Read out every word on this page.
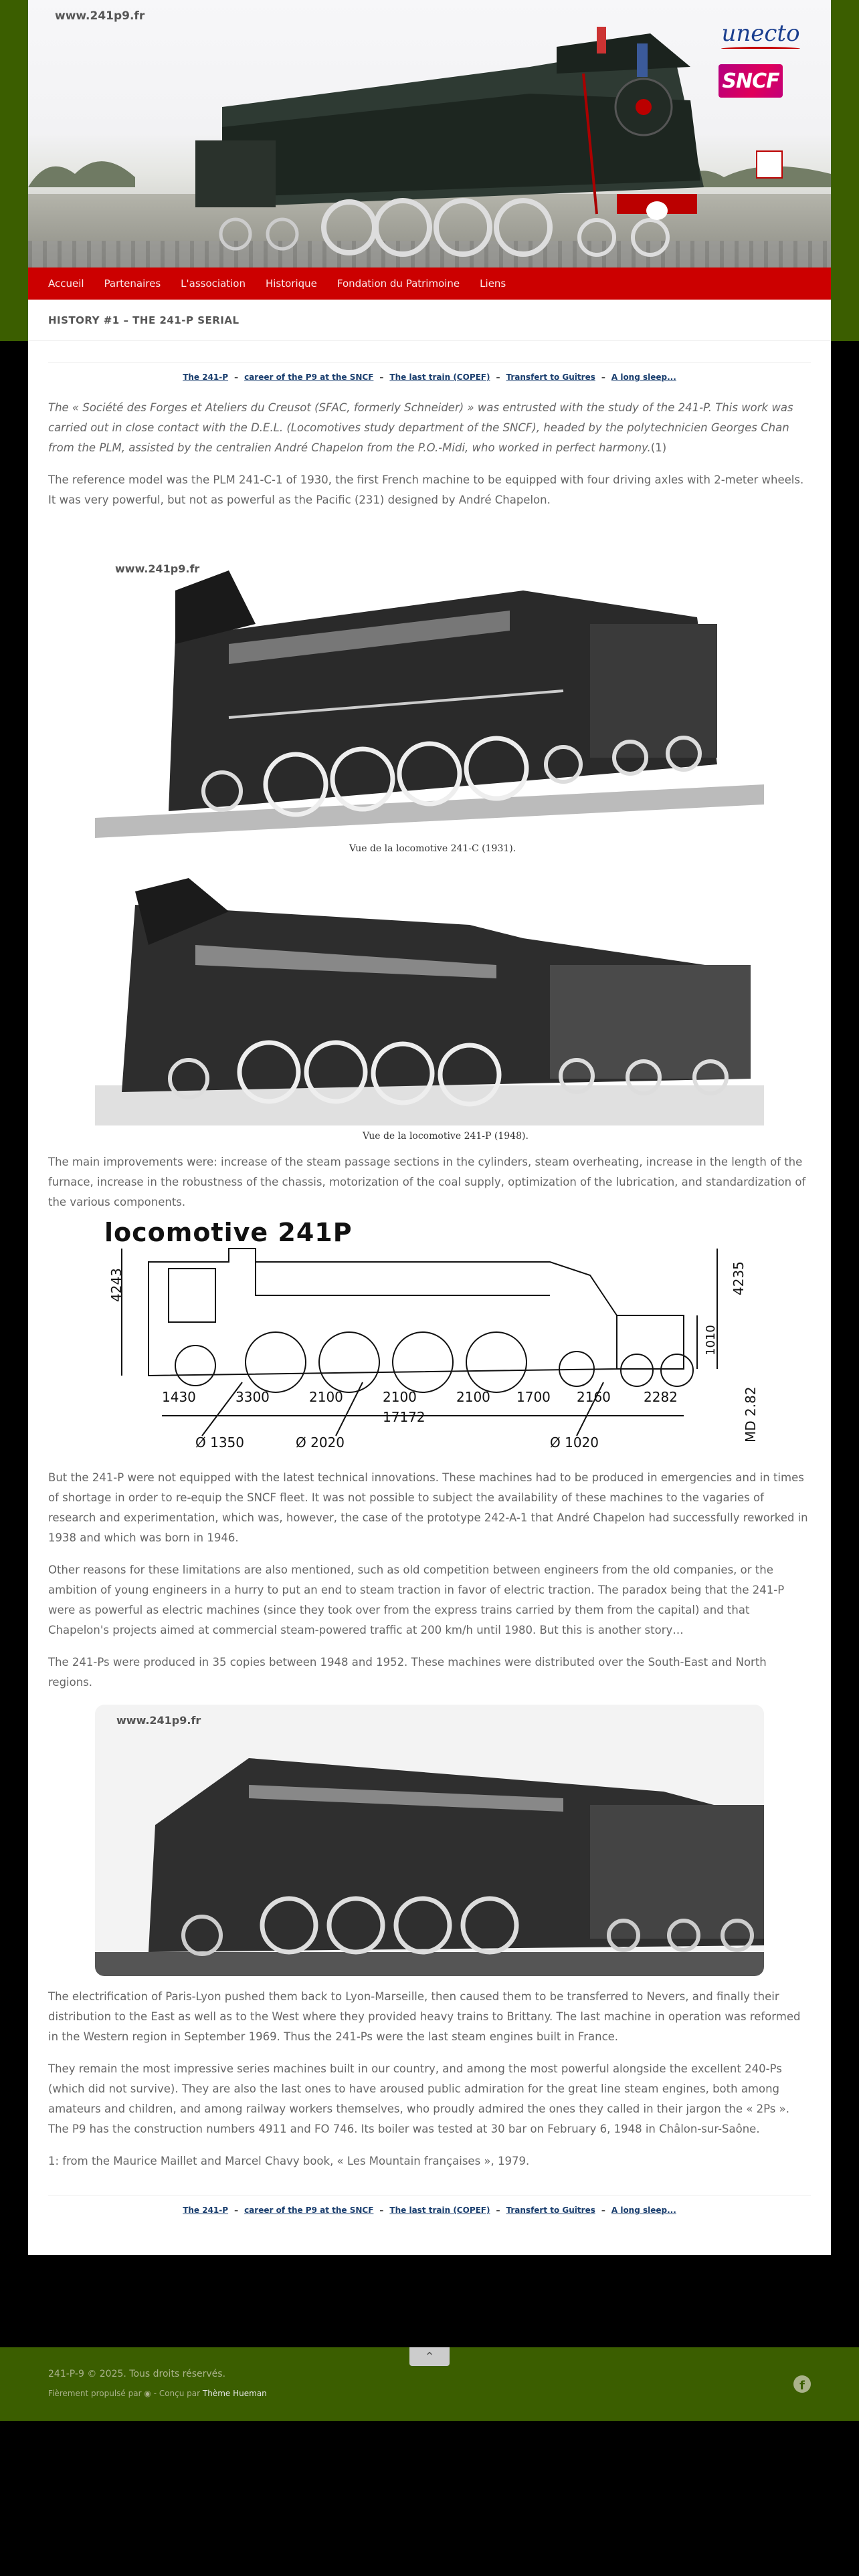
www.241p9.fr
unecto
SNCF
Accueil Partenaires L'association Historique Fondation du Patrimoine Liens
HISTORY #1 – THE 241-P SERIAL
The 241-P – career of the P9 at the SNCF – The last train (COPEF) – Transfert to Guîtres – A long sleep...

The « Société des Forges et Ateliers du Creusot (SFAC, formerly Schneider) » was entrusted with the study of the 241-P. This work was carried out in close contact with the D.E.L. (Locomotives study department of the SNCF), headed by the polytechnicien Georges Chan from the PLM, assisted by the centralien André Chapelon from the P.O.-Midi, who worked in perfect harmony.(1)

The reference model was the PLM 241-C-1 of 1930, the first French machine to be equipped with four driving axles with 2-meter wheels. It was very powerful, but not as powerful as the Pacific (231) designed by André Chapelon.

www.241p9.fr
Vue de la locomotive 241-C (1931).
Vue de la locomotive 241-P (1948).

The main improvements were: increase of the steam passage sections in the cylinders, steam overheating, increase in the length of the furnace, increase in the robustness of the chassis, motorization of the coal supply, optimization of the lubrication, and standardization of the various components.

locomotive 241P
4243	4235
1010
1430	3300	2100	2100	2100 1700 2160 2282
17172
Ø 1350	Ø 2020	Ø 1020	MD 2.82

But the 241-P were not equipped with the latest technical innovations. These machines had to be produced in emergencies and in times of shortage in order to re-equip the SNCF fleet. It was not possible to subject the availability of these machines to the vagaries of research and experimentation, which was, however, the case of the prototype 242-A-1 that André Chapelon had successfully reworked in 1938 and which was born in 1946.

Other reasons for these limitations are also mentioned, such as old competition between engineers from the old companies, or the ambition of young engineers in a hurry to put an end to steam traction in favor of electric traction. The paradox being that the 241-P were as powerful as electric machines (since they took over from the express trains carried by them from the capital) and that Chapelon's projects aimed at commercial steam-powered traffic at 200 km/h until 1980. But this is another story…

The 241-Ps were produced in 35 copies between 1948 and 1952. These machines were distributed over the South-East and North regions.

www.241p9.fr

The electrification of Paris-Lyon pushed them back to Lyon-Marseille, then caused them to be transferred to Nevers, and finally their distribution to the East as well as to the West where they provided heavy trains to Brittany. The last machine in operation was reformed in the Western region in September 1969. Thus the 241-Ps were the last steam engines built in France.

They remain the most impressive series machines built in our country, and among the most powerful alongside the excellent 240-Ps (which did not survive). They are also the last ones to have aroused public admiration for the great line steam engines, both among amateurs and children, and among railway workers themselves, who proudly admired the ones they called in their jargon the « 2Ps ». The P9 has the construction numbers 4911 and FO 746. Its boiler was tested at 30 bar on February 6, 1948 in Châlon-sur-Saône.

1: from the Maurice Maillet and Marcel Chavy book, « Les Mountain françaises », 1979.

The 241-P – career of the P9 at the SNCF – The last train (COPEF) – Transfert to Guîtres – A long sleep...
⌃
241-P-9 © 2025. Tous droits réservés.
Fièrement propulsé par ◉ - Conçu par Thème Hueman
f
